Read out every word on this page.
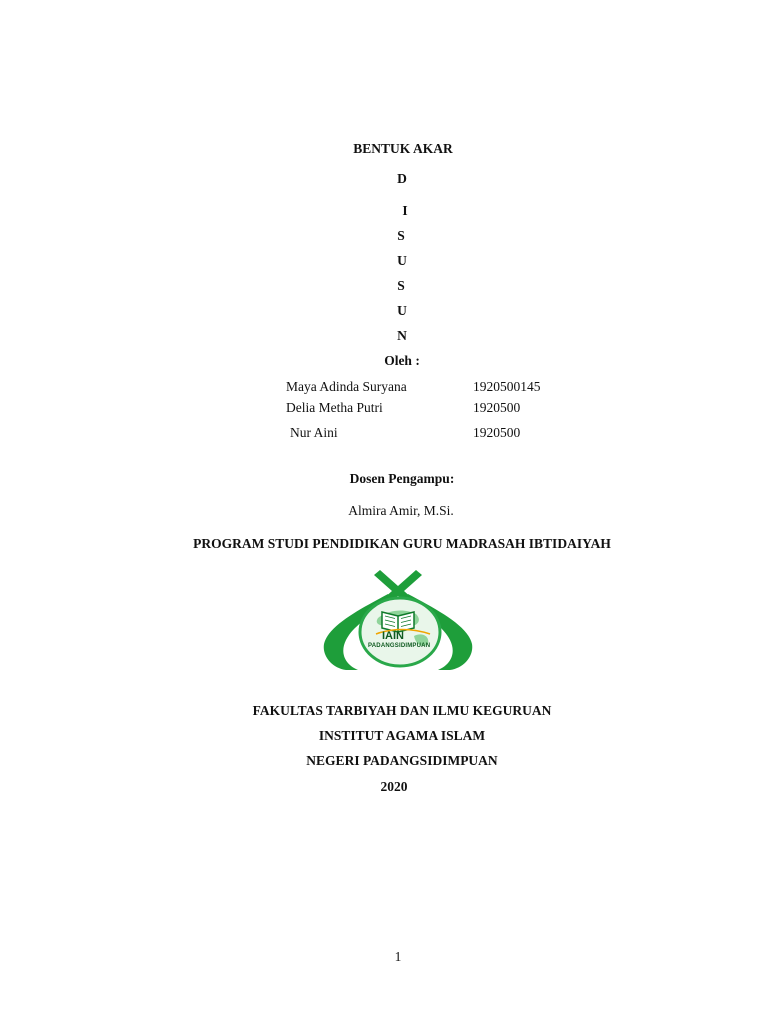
BENTUK AKAR
D
I
S
U
S
U
N
Oleh :
Maya Adinda Suryana	1920500145
Delia Metha Putri	1920500
Nur Aini	1920500
Dosen Pengampu:
Almira Amir, M.Si.
PROGRAM STUDI PENDIDIKAN GURU MADRASAH IBTIDAIYAH
IAIN
PADANGSIDIMPUAN
FAKULTAS TARBIYAH DAN ILMU KEGURUAN
INSTITUT AGAMA ISLAM
NEGERI PADANGSIDIMPUAN
2020
1
